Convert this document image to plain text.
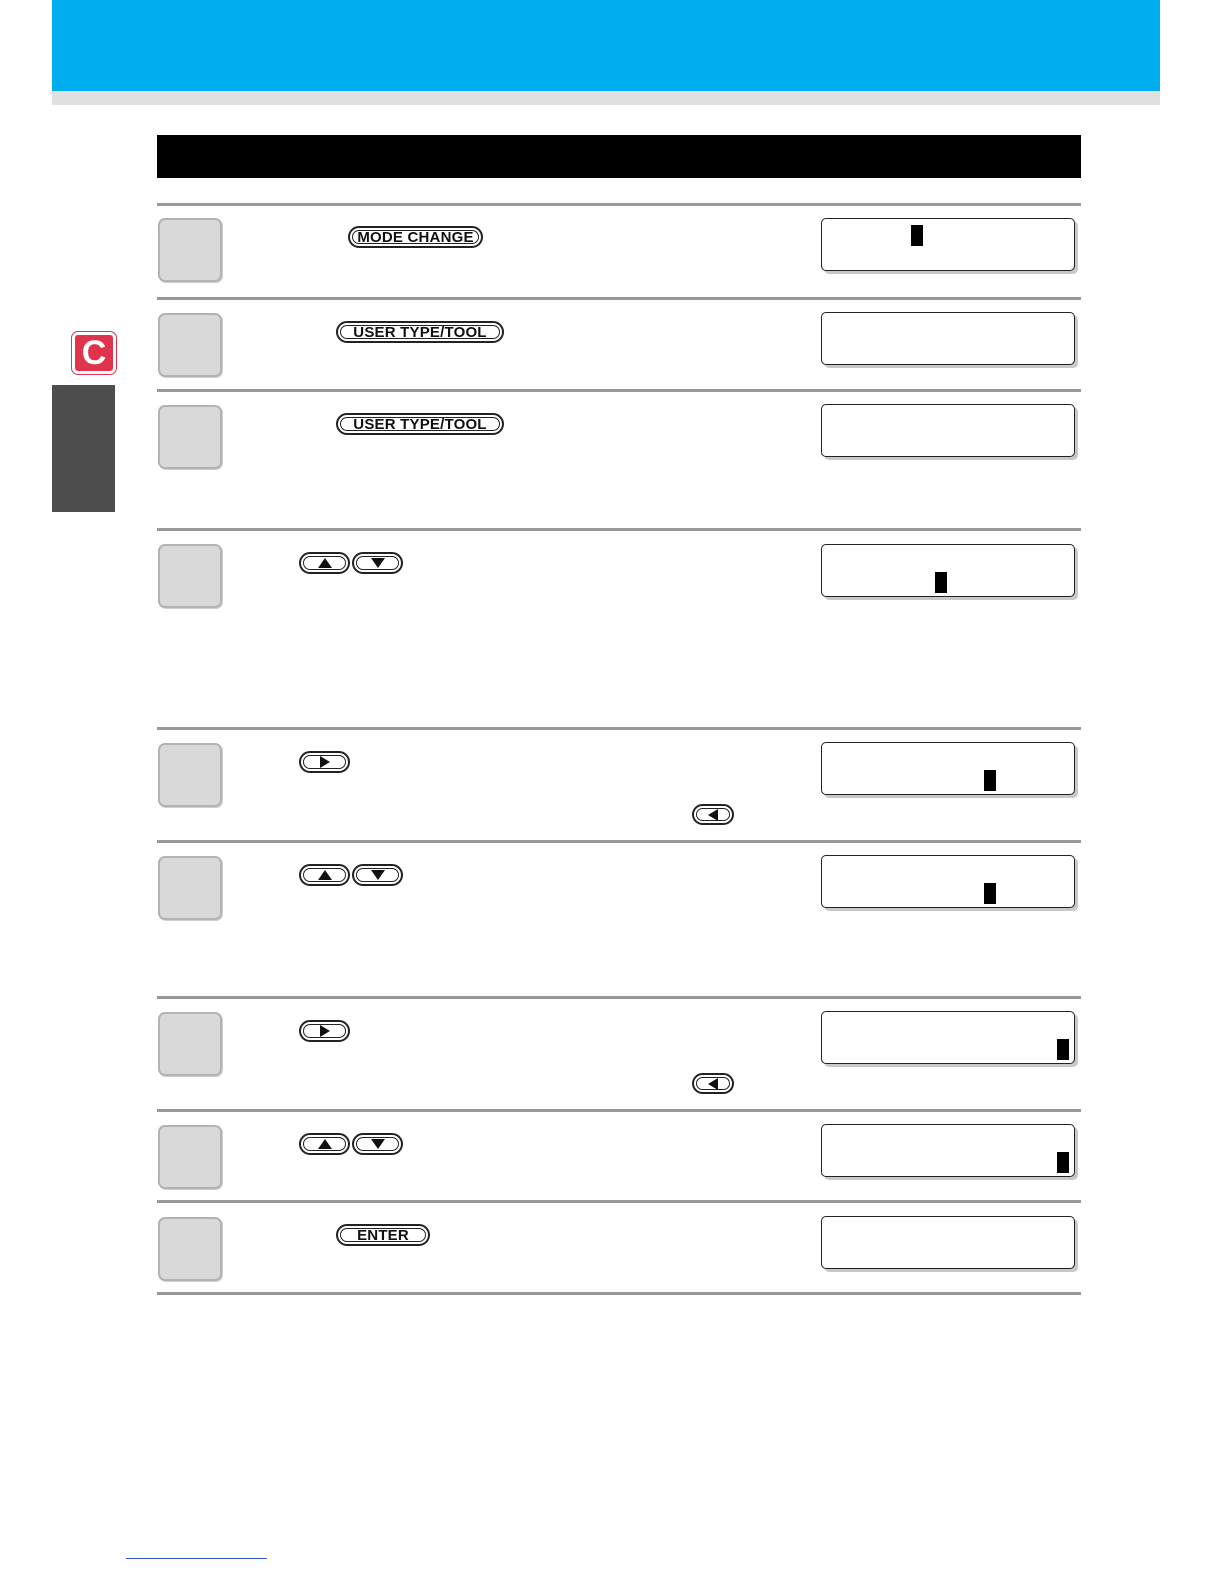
C
MODE CHANGE
USER TYPE/TOOL
USER TYPE/TOOL
ENTER
